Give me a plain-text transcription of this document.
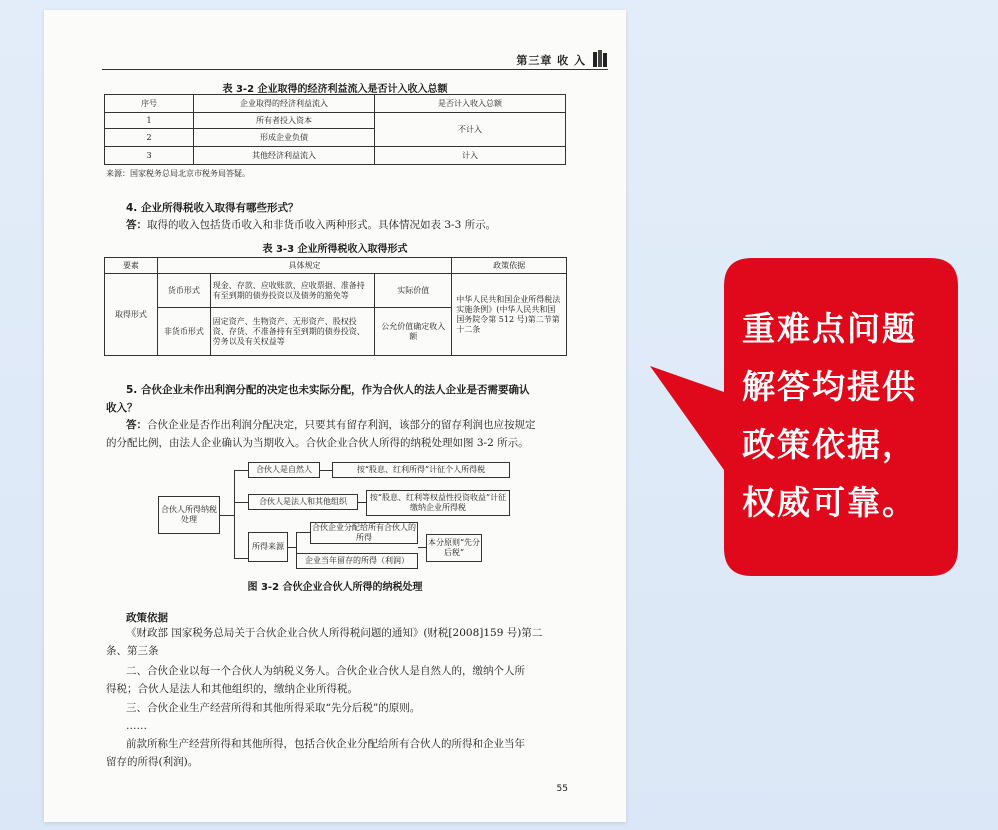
第三章 收 入
表 3-2 企业取得的经济利益流入是否计入收入总额
序号	企业取得的经济利益流入	是否计入收入总额
1	所有者投入资本	不计入
2	形成企业负债	
3	其他经济利益流入	计入
来源：国家税务总局北京市税务局答疑。
4. 企业所得税收入取得有哪些形式？
答：取得的收入包括货币收入和非货币收入两种形式。具体情况如表 3-3 所示。
表 3-3 企业所得税收入取得形式
要素	具体规定			政策依据
取得形式	货币形式	现金、存款、应收账款、应收票据、准备持有至到期的债券投资以及债务的豁免等	实际价值	中华人民共和国企业所得税法实施条例》(中华人民共和国国务院令第 512 号)第二节第十二条
	非货币形式	固定资产、生物资产、无形资产、股权投资、存货、不准备持有至到期的债券投资、劳务以及有关权益等	公允价值确定收入额	
5. 合伙企业未作出利润分配的决定也未实际分配，作为合伙人的法人企业是否需要确认
收入？
答：合伙企业是否作出利润分配决定，只要其有留存利润，该部分的留存利润也应按规定
的分配比例，由法人企业确认为当期收入。合伙企业合伙人所得的纳税处理如图 3-2 所示。
合伙人所得纳税处理
合伙人是自然人	按“股息、红利所得”计征个人所得税
合伙人是法人和其他组织	按“股息、红利等权益性投资收益”计征缴纳企业所得税
所得来源
合伙企业分配给所有合伙人的所得
企业当年留存的所得（利润）
本分原则“先分后税”
图 3-2 合伙企业合伙人所得的纳税处理
政策依据
《财政部 国家税务总局关于合伙企业合伙人所得税问题的通知》(财税[2008]159 号)第二
条、第三条
二、合伙企业以每一个合伙人为纳税义务人。合伙企业合伙人是自然人的，缴纳个人所
得税；合伙人是法人和其他组织的，缴纳企业所得税。
三、合伙企业生产经营所得和其他所得采取“先分后税”的原则。
……
前款所称生产经营所得和其他所得，包括合伙企业分配给所有合伙人的所得和企业当年
留存的所得(利润)。
55
重难点问题
解答均提供
政策依据，
权威可靠。
